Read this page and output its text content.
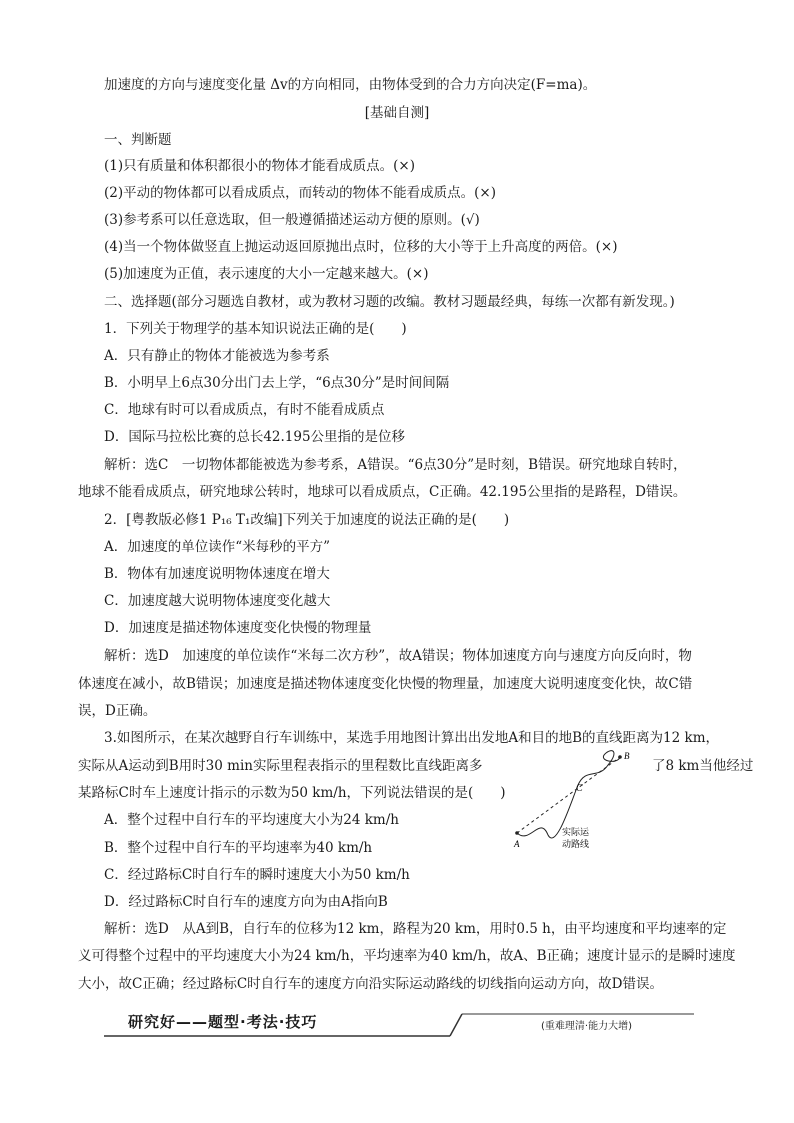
加速度的方向与速度变化量 Δv的方向相同，由物体受到的合力方向决定(F=ma)。
[基础自测]
一、判断题
(1)只有质量和体积都很小的物体才能看成质点。(×)
(2)平动的物体都可以看成质点，而转动的物体不能看成质点。(×)
(3)参考系可以任意选取，但一般遵循描述运动方便的原则。(√)
(4)当一个物体做竖直上抛运动返回原抛出点时，位移的大小等于上升高度的两倍。(×)
(5)加速度为正值，表示速度的大小一定越来越大。(×)
二、选择题(部分习题选自教材，或为教材习题的改编。教材习题最经典，每练一次都有新发现。)
1．下列关于物理学的基本知识说法正确的是(　　)
A．只有静止的物体才能被选为参考系
B．小明早上6点30分出门去上学，“6点30分”是时间间隔
C．地球有时可以看成质点，有时不能看成质点
D．国际马拉松比赛的总长42.195公里指的是位移
解析：选C　一切物体都能被选为参考系，A错误。“6点30分”是时刻，B错误。研究地球自转时，
地球不能看成质点，研究地球公转时，地球可以看成质点，C正确。42.195公里指的是路程，D错误。
2．[粤教版必修1 P₁₆ T₁改编]下列关于加速度的说法正确的是(　　)
A．加速度的单位读作“米每秒的平方”
B．物体有加速度说明物体速度在增大
C．加速度越大说明物体速度变化越大
D．加速度是描述物体速度变化快慢的物理量
解析：选D　加速度的单位读作“米每二次方秒”，故A错误；物体加速度方向与速度方向反向时，物
体速度在减小，故B错误；加速度是描述物体速度变化快慢的物理量，加速度大说明速度变化快，故C错
误，D正确。
3.如图所示，在某次越野自行车训练中，某选手用地图计算出出发地A和目的地B的直线距离为12 km，
实际从A运动到B用时30 min实际里程表指示的里程数比直线距离多	了8 km当他经过
某路标C时车上速度计指示的示数为50 km/h，下列说法错误的是(　　)
A．整个过程中自行车的平均速度大小为24 km/h
B．整个过程中自行车的平均速率为40 km/h
C．经过路标C时自行车的瞬时速度大小为50 km/h
D．经过路标C时自行车的速度方向为由A指向B
解析：选D　从A到B，自行车的位移为12 km，路程为20 km，用时0.5 h，由平均速度和平均速率的定
义可得整个过程中的平均速度大小为24 km/h，平均速率为40 km/h，故A、B正确；速度计显示的是瞬时速度
大小，故C正确；经过路标C时自行车的速度方向沿实际运动路线的切线指向运动方向，故D错误。
A
B
C
实际运
动路线
研究好——题型·考法·技巧	(重难理清·能力大增)
